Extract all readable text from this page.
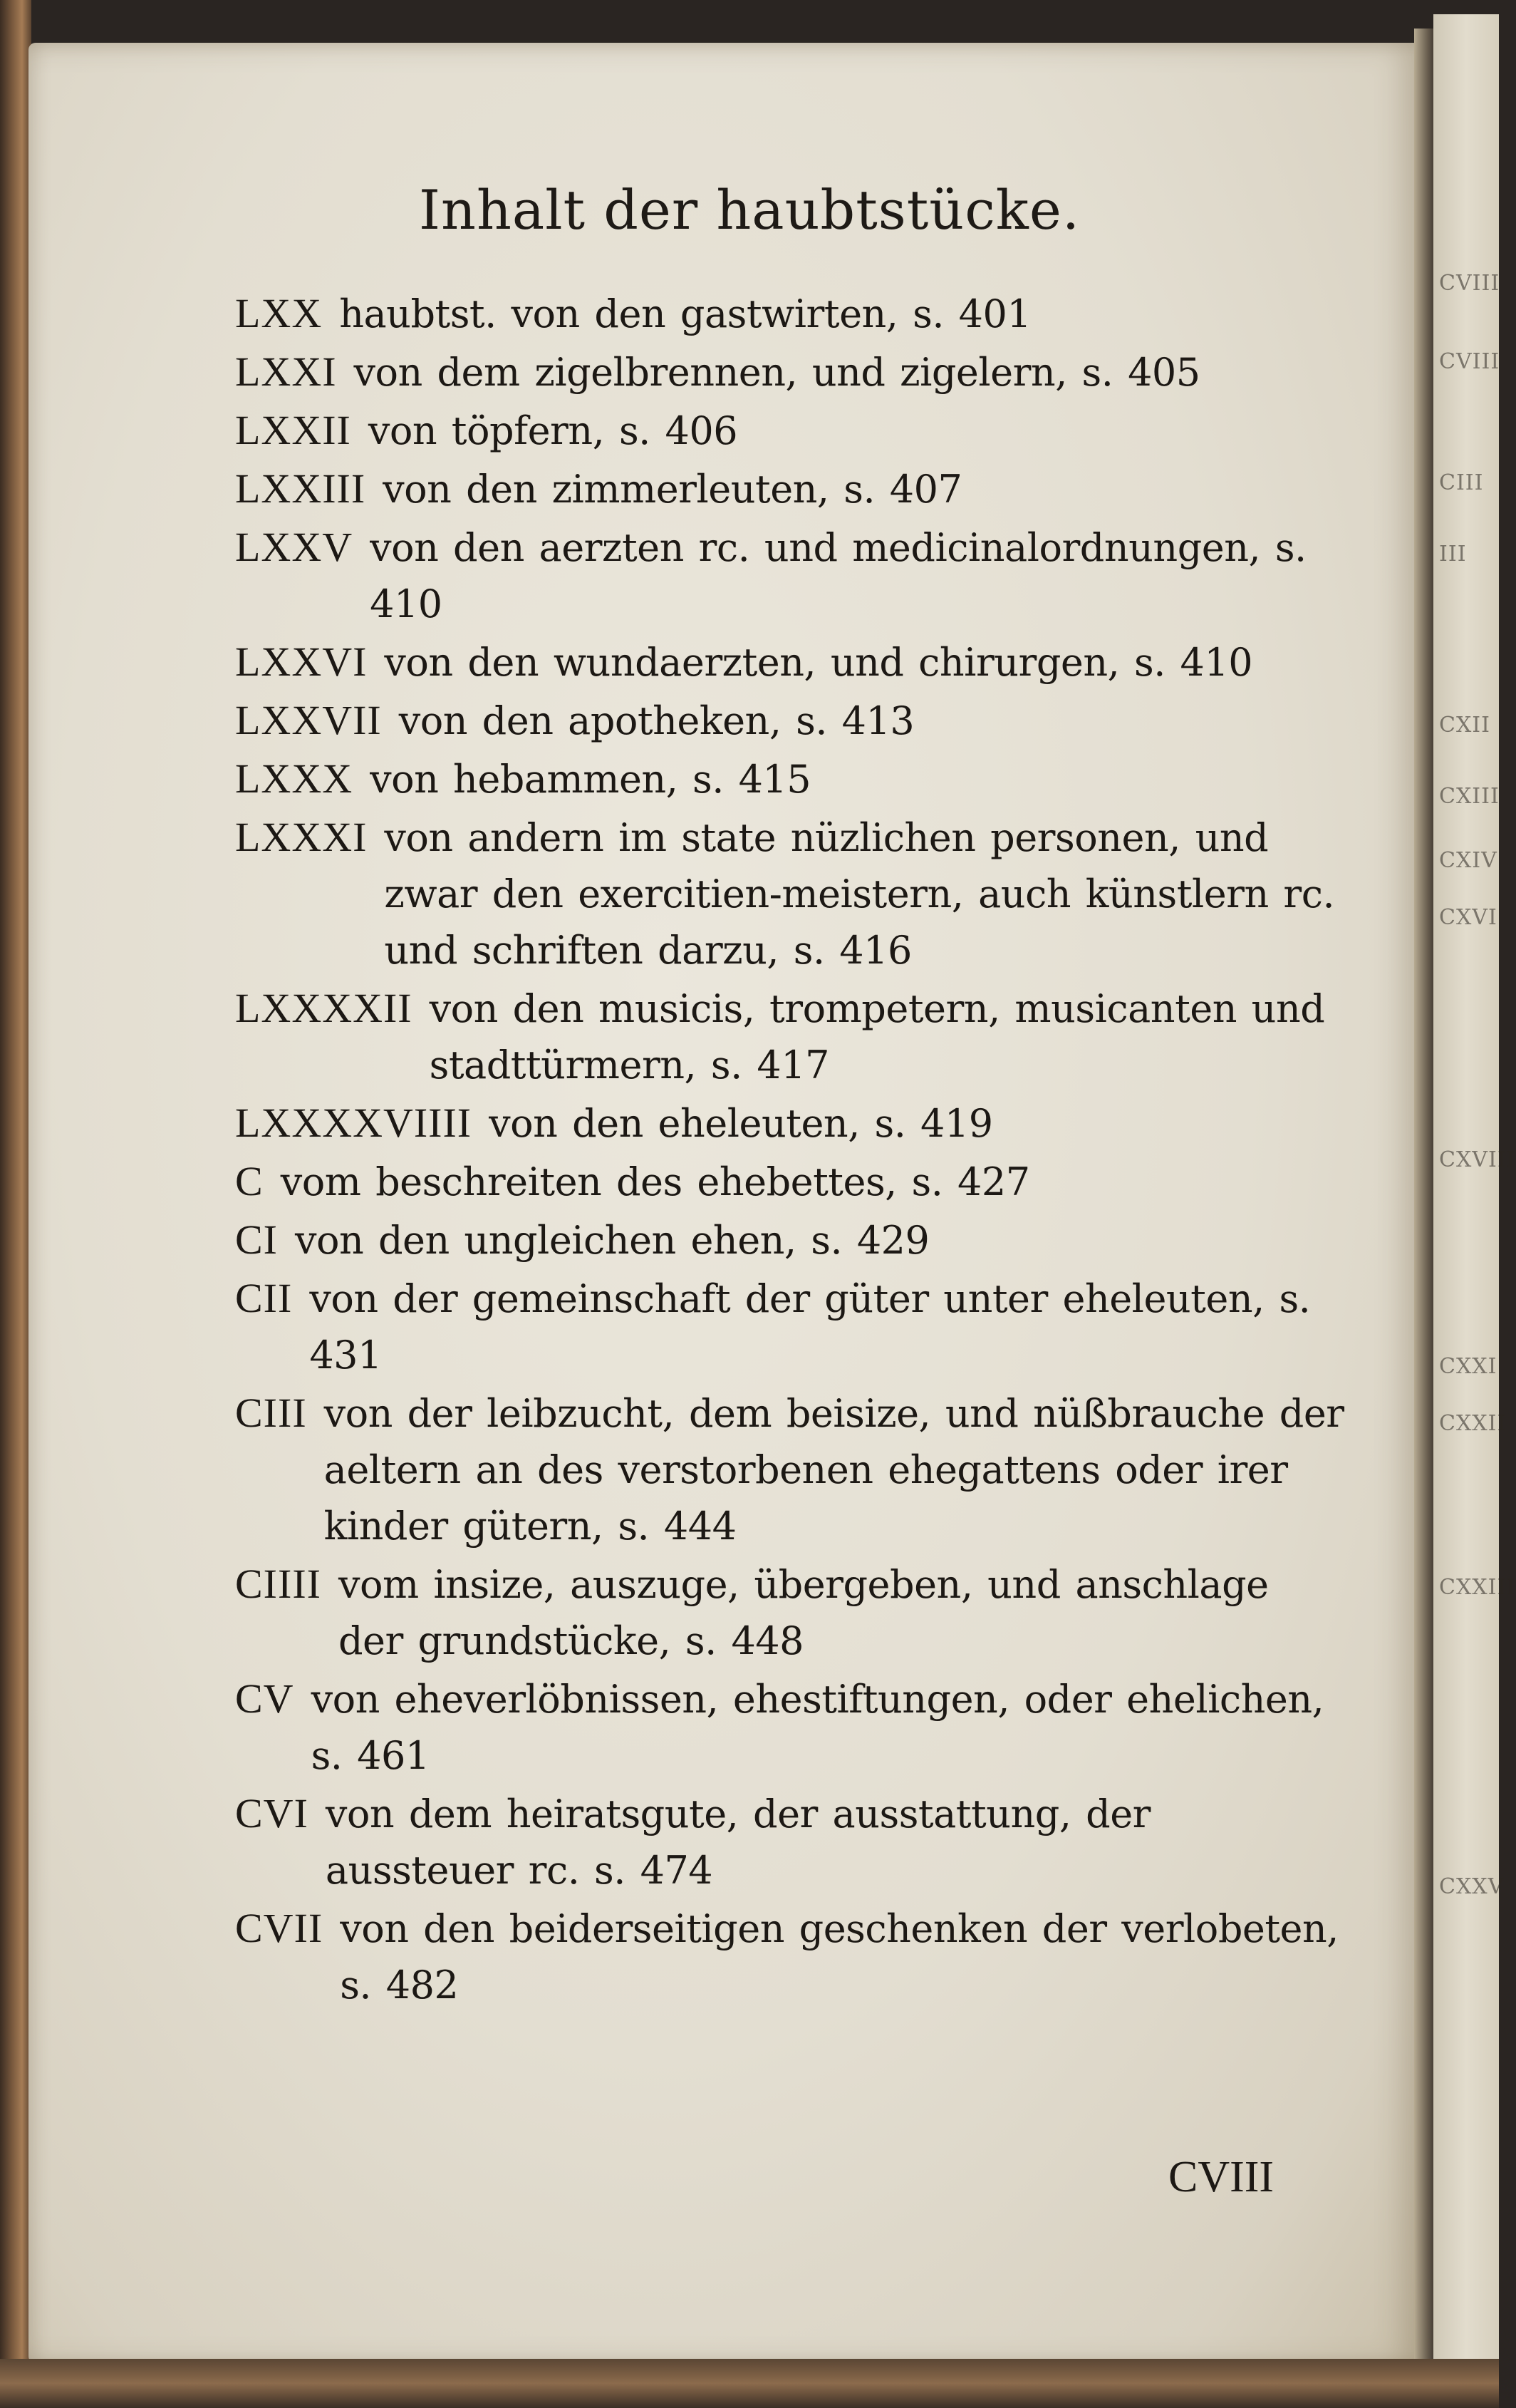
CVIII
CVIII
CIII
III
CXII
CXIII
CXIV
CXVI
CXVIII
CXXI
CXXII
CXXIII
CXXV
Inhalt der haubtstücke.
LXX haubtst. von den gastwirten, s. 401
LXXI von dem zigelbrennen, und zigelern, s. 405
LXXII von töpfern, s. 406
LXXIII von den zimmerleuten, s. 407
LXXV von den aerzten rc. und medicinalordnungen, s. 410
LXXVI von den wundaerzten, und chirurgen, s. 410
LXXVII von den apotheken, s. 413
LXXX von hebammen, s. 415
LXXXI von andern im state nüzlichen personen, und zwar den exercitien-meistern, auch künstlern rc. und schriften darzu, s. 416
LXXXXII von den musicis, trompetern, musicanten und stadttürmern, s. 417
LXXXXVIIII von den eheleuten, s. 419
C vom beschreiten des ehebettes, s. 427
CI von den ungleichen ehen, s. 429
CII von der gemeinschaft der güter unter eheleuten, s. 431
CIII von der leibzucht, dem beisize, und nüßbrauche der aeltern an des verstorbenen ehegattens oder irer kinder gütern, s. 444
CIIII vom insize, auszuge, übergeben, und anschlage der grundstücke, s. 448
CV von eheverlöbnissen, ehestiftungen, oder ehelichen, s. 461
CVI von dem heiratsgute, der ausstattung, der aussteuer rc. s. 474
CVII von den beiderseitigen geschenken der verlobeten, s. 482
CVIII
